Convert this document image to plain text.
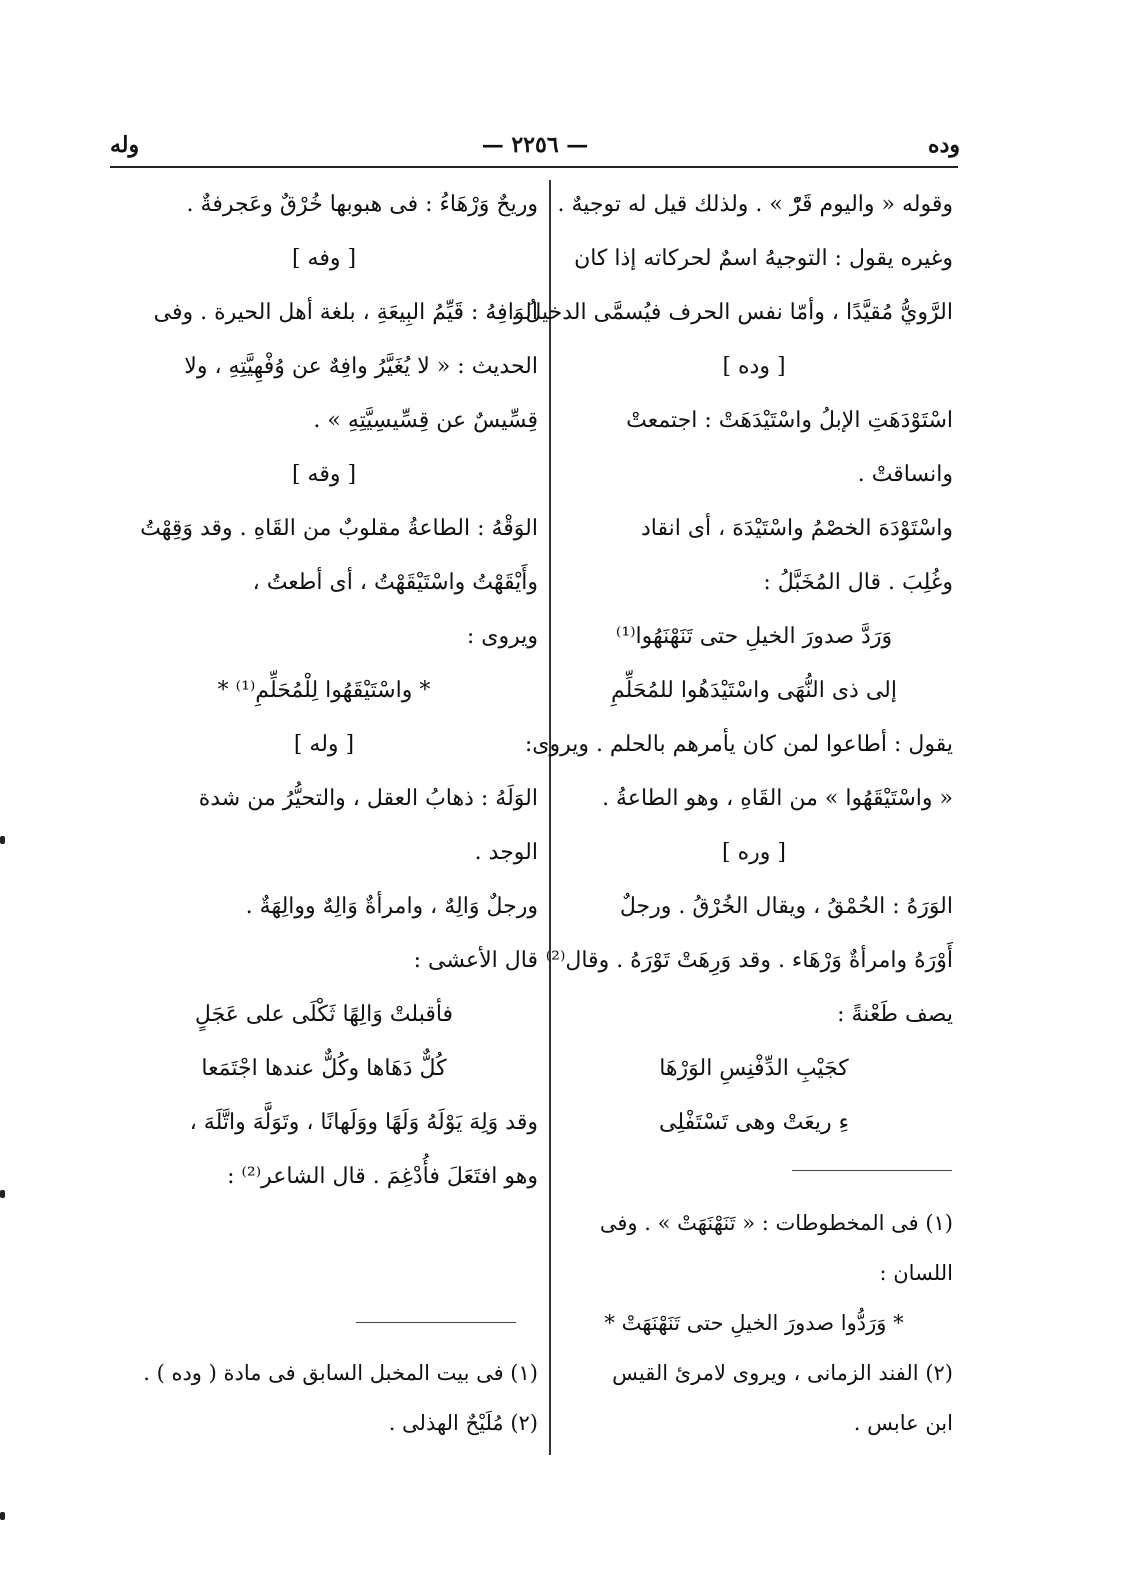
وده
— ٢٢٥٦ —
وله
وقوله « واليوم قَرّْ » . ولذلك قيل له توجيهٌ .
وغيره يقول : التوجيهُ اسمٌ لحركاته إذا كان
الرَّويُّ مُقيَّدًا ، وأمّا نفس الحرف فيُسمَّى الدخيلُ .
[ وده ]
اسْتَوْدَهَتِ الإبلُ واسْتَيْدَهَتْ : اجتمعتْ
وانساقتْ .
واسْتَوْدَهَ الخصْمُ واسْتَيْدَهَ ، أى انقاد
وغُلِبَ . قال المُخَبَّلُ :
وَرَدَّ صدورَ الخيلِ حتى تَنَهْنَهُوا⁽¹⁾
إلى ذى النُّهَى واسْتَيْدَهُوا للمُحَلِّمِ
يقول : أطاعوا لمن كان يأمرهم بالحلم . ويروى:
« واسْتَيْقَهُوا » من القَاهِ ، وهو الطاعةُ .
[ وره ]
الوَرَهُ : الحُمْقُ ، ويقال الخُرْقُ . ورجلٌ
أَوْرَهُ وامرأةٌ وَرْهَاء . وقد وَرِهَتْ تَوْرَهُ . وقال⁽²⁾
يصف طَعْنةً :
كجَيْبِ الدِّفْنِسِ الوَرْهَا
ءِ ريعَتْ وهى تَسْتَفْلِى
(١) فى المخطوطات : « تَنَهْنَهَتْ » . وفى
اللسان :
* وَرَدُّوا صدورَ الخيلِ حتى تَنَهْنَهَتْ *
(٢) الفند الزمانى ، ويروى لامرئ القيس
ابن عابس .
وريحٌ وَرْهَاءُ : فى هبوبها خُرْقٌ وعَجرفةٌ .
[ وفه ]
الوَافِهُ : قَيِّمُ البِيعَةِ ، بلغة أهل الحيرة . وفى
الحديث : « لا يُغَيَّرُ وافِهٌ عن وُفْهِيَّتِهِ ، ولا
قِسِّيسٌ عن قِسِّيسِيَّتِهِ » .
[ وقه ]
الوَقْهُ : الطاعةُ مقلوبٌ من القَاهِ . وقد وَقِهْتُ
وأَيْقَهْتُ واسْتَيْقَهْتُ ، أى أطعتُ ،
ويروى :
* واسْتَيْقَهُوا لِلْمُحَلِّمِ⁽¹⁾ *
[ وله ]
الوَلَهُ : ذهابُ العقل ، والتحيُّرُ من شدة
الوجد .
ورجلٌ وَالِهٌ ، وامرأةٌ وَالِهٌ ووالِهَةٌ .
قال الأعشى :
فأقبلتْ وَالِهًا ثَكْلَى على عَجَلٍ
كُلٌّ دَهَاها وكُلٌّ عندها اجْتَمَعا
وقد وَلِهَ يَوْلَهُ وَلَهًا ووَلَهانًا ، وتَوَلَّهَ واتَّلَهَ ،
وهو افتَعَلَ فأُدْغِمَ . قال الشاعر⁽²⁾ :
(١) فى بيت المخبل السابق فى مادة ( وده ) .
(٢) مُلَيْحٌ الهذلى .
